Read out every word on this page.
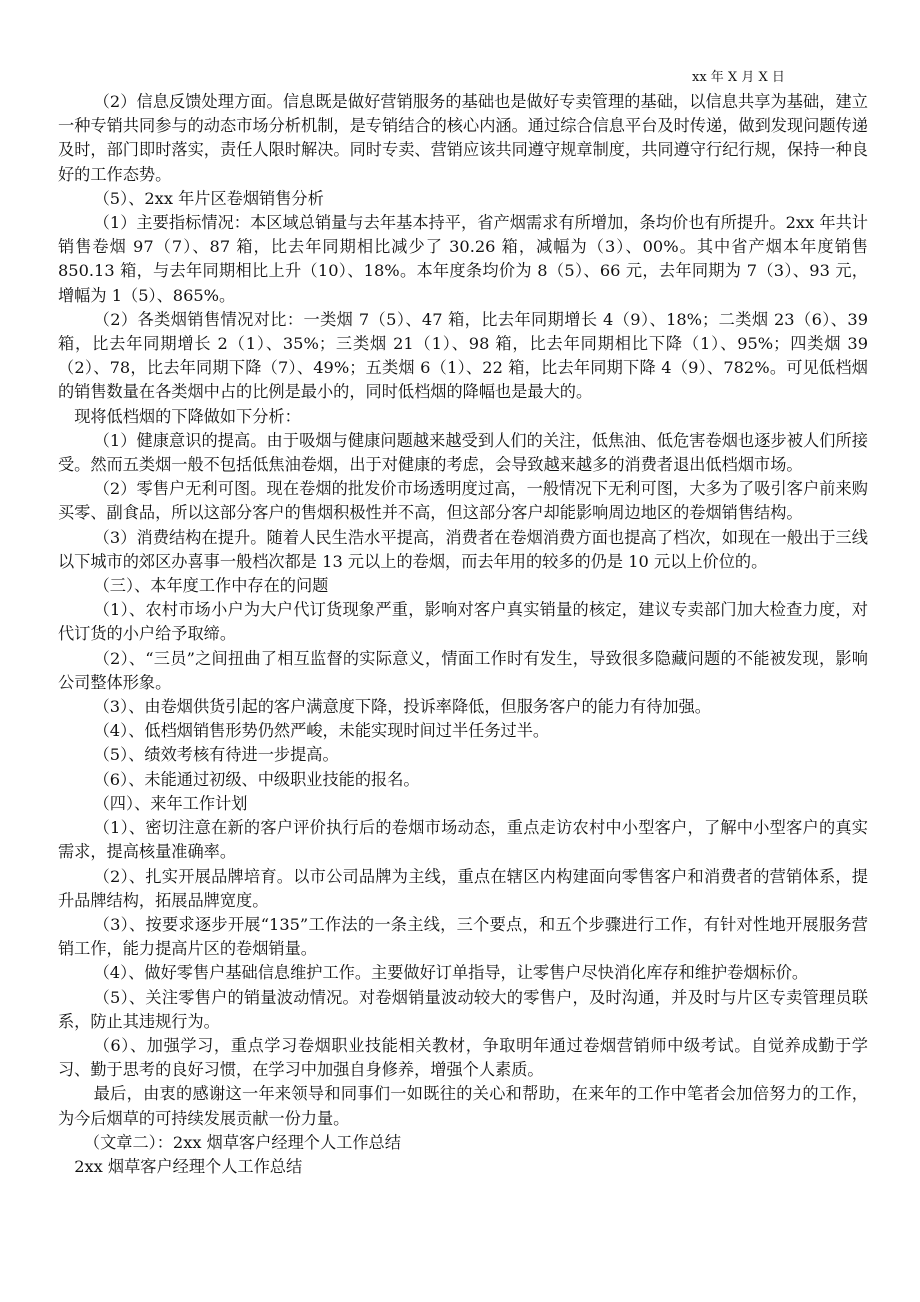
xx 年 X 月 X 日

（2）信息反馈处理方面。信息既是做好营销服务的基础也是做好专卖管理的基础，以信息共享为基础，建立一种专销共同参与的动态市场分析机制，是专销结合的核心内涵。通过综合信息平台及时传递，做到发现问题传递及时，部门即时落实，责任人限时解决。同时专卖、营销应该共同遵守规章制度，共同遵守行纪行规，保持一种良好的工作态势。

（5）、2xx 年片区卷烟销售分析

（1）主要指标情况：本区域总销量与去年基本持平，省产烟需求有所增加，条均价也有所提升。2xx 年共计销售卷烟 97（7）、87 箱，比去年同期相比减少了 30.26 箱，减幅为（3）、00%。其中省产烟本年度销售 850.13 箱，与去年同期相比上升（10）、18%。本年度条均价为 8（5）、66 元，去年同期为 7（3）、93 元，增幅为 1（5）、865%。

（2）各类烟销售情况对比：一类烟 7（5）、47 箱，比去年同期增长 4（9）、18%；二类烟 23（6）、39 箱，比去年同期增长 2（1）、35%；三类烟 21（1）、98 箱，比去年同期相比下降（1）、95%；四类烟 39（2）、78，比去年同期下降（7）、49%；五类烟 6（1）、22 箱，比去年同期下降 4（9）、782%。可见低档烟的销售数量在各类烟中占的比例是最小的，同时低档烟的降幅也是最大的。

现将低档烟的下降做如下分析：

（1）健康意识的提高。由于吸烟与健康问题越来越受到人们的关注，低焦油、低危害卷烟也逐步被人们所接受。然而五类烟一般不包括低焦油卷烟，出于对健康的考虑，会导致越来越多的消费者退出低档烟市场。

（2）零售户无利可图。现在卷烟的批发价市场透明度过高，一般情况下无利可图，大多为了吸引客户前来购买零、副食品，所以这部分客户的售烟积极性并不高，但这部分客户却能影响周边地区的卷烟销售结构。

（3）消费结构在提升。随着人民生浩水平提高，消费者在卷烟消费方面也提高了档次，如现在一般出于三线以下城市的郊区办喜事一般档次都是 13 元以上的卷烟，而去年用的较多的仍是 10 元以上价位的。

（三）、本年度工作中存在的问题

（1）、农村市场小户为大户代订货现象严重，影响对客户真实销量的核定，建议专卖部门加大检查力度，对代订货的小户给予取缔。

（2）、“三员”之间扭曲了相互监督的实际意义，情面工作时有发生，导致很多隐藏问题的不能被发现，影响公司整体形象。

（3）、由卷烟供货引起的客户满意度下降，投诉率降低，但服务客户的能力有待加强。

（4）、低档烟销售形势仍然严峻，未能实现时间过半任务过半。

（5）、绩效考核有待进一步提高。

（6）、未能通过初级、中级职业技能的报名。

（四）、来年工作计划

（1）、密切注意在新的客户评价执行后的卷烟市场动态，重点走访农村中小型客户，了解中小型客户的真实需求，提高核量准确率。

（2）、扎实开展品牌培育。以市公司品牌为主线，重点在辖区内构建面向零售客户和消费者的营销体系，提升品牌结构，拓展品牌宽度。

（3）、按要求逐步开展“135”工作法的一条主线，三个要点，和五个步骤进行工作，有针对性地开展服务营销工作，能力提高片区的卷烟销量。

（4）、做好零售户基础信息维护工作。主要做好订单指导，让零售户尽快消化库存和维护卷烟标价。

（5）、关注零售户的销量波动情况。对卷烟销量波动较大的零售户，及时沟通，并及时与片区专卖管理员联系，防止其违规行为。

（6）、加强学习，重点学习卷烟职业技能相关教材，争取明年通过卷烟营销师中级考试。自觉养成勤于学习、勤于思考的良好习惯，在学习中加强自身修养，增强个人素质。

最后，由衷的感谢这一年来领导和同事们一如既往的关心和帮助，在来年的工作中笔者会加倍努力的工作，为今后烟草的可持续发展贡献一份力量。

（文章二）：2xx 烟草客户经理个人工作总结

2xx 烟草客户经理个人工作总结
